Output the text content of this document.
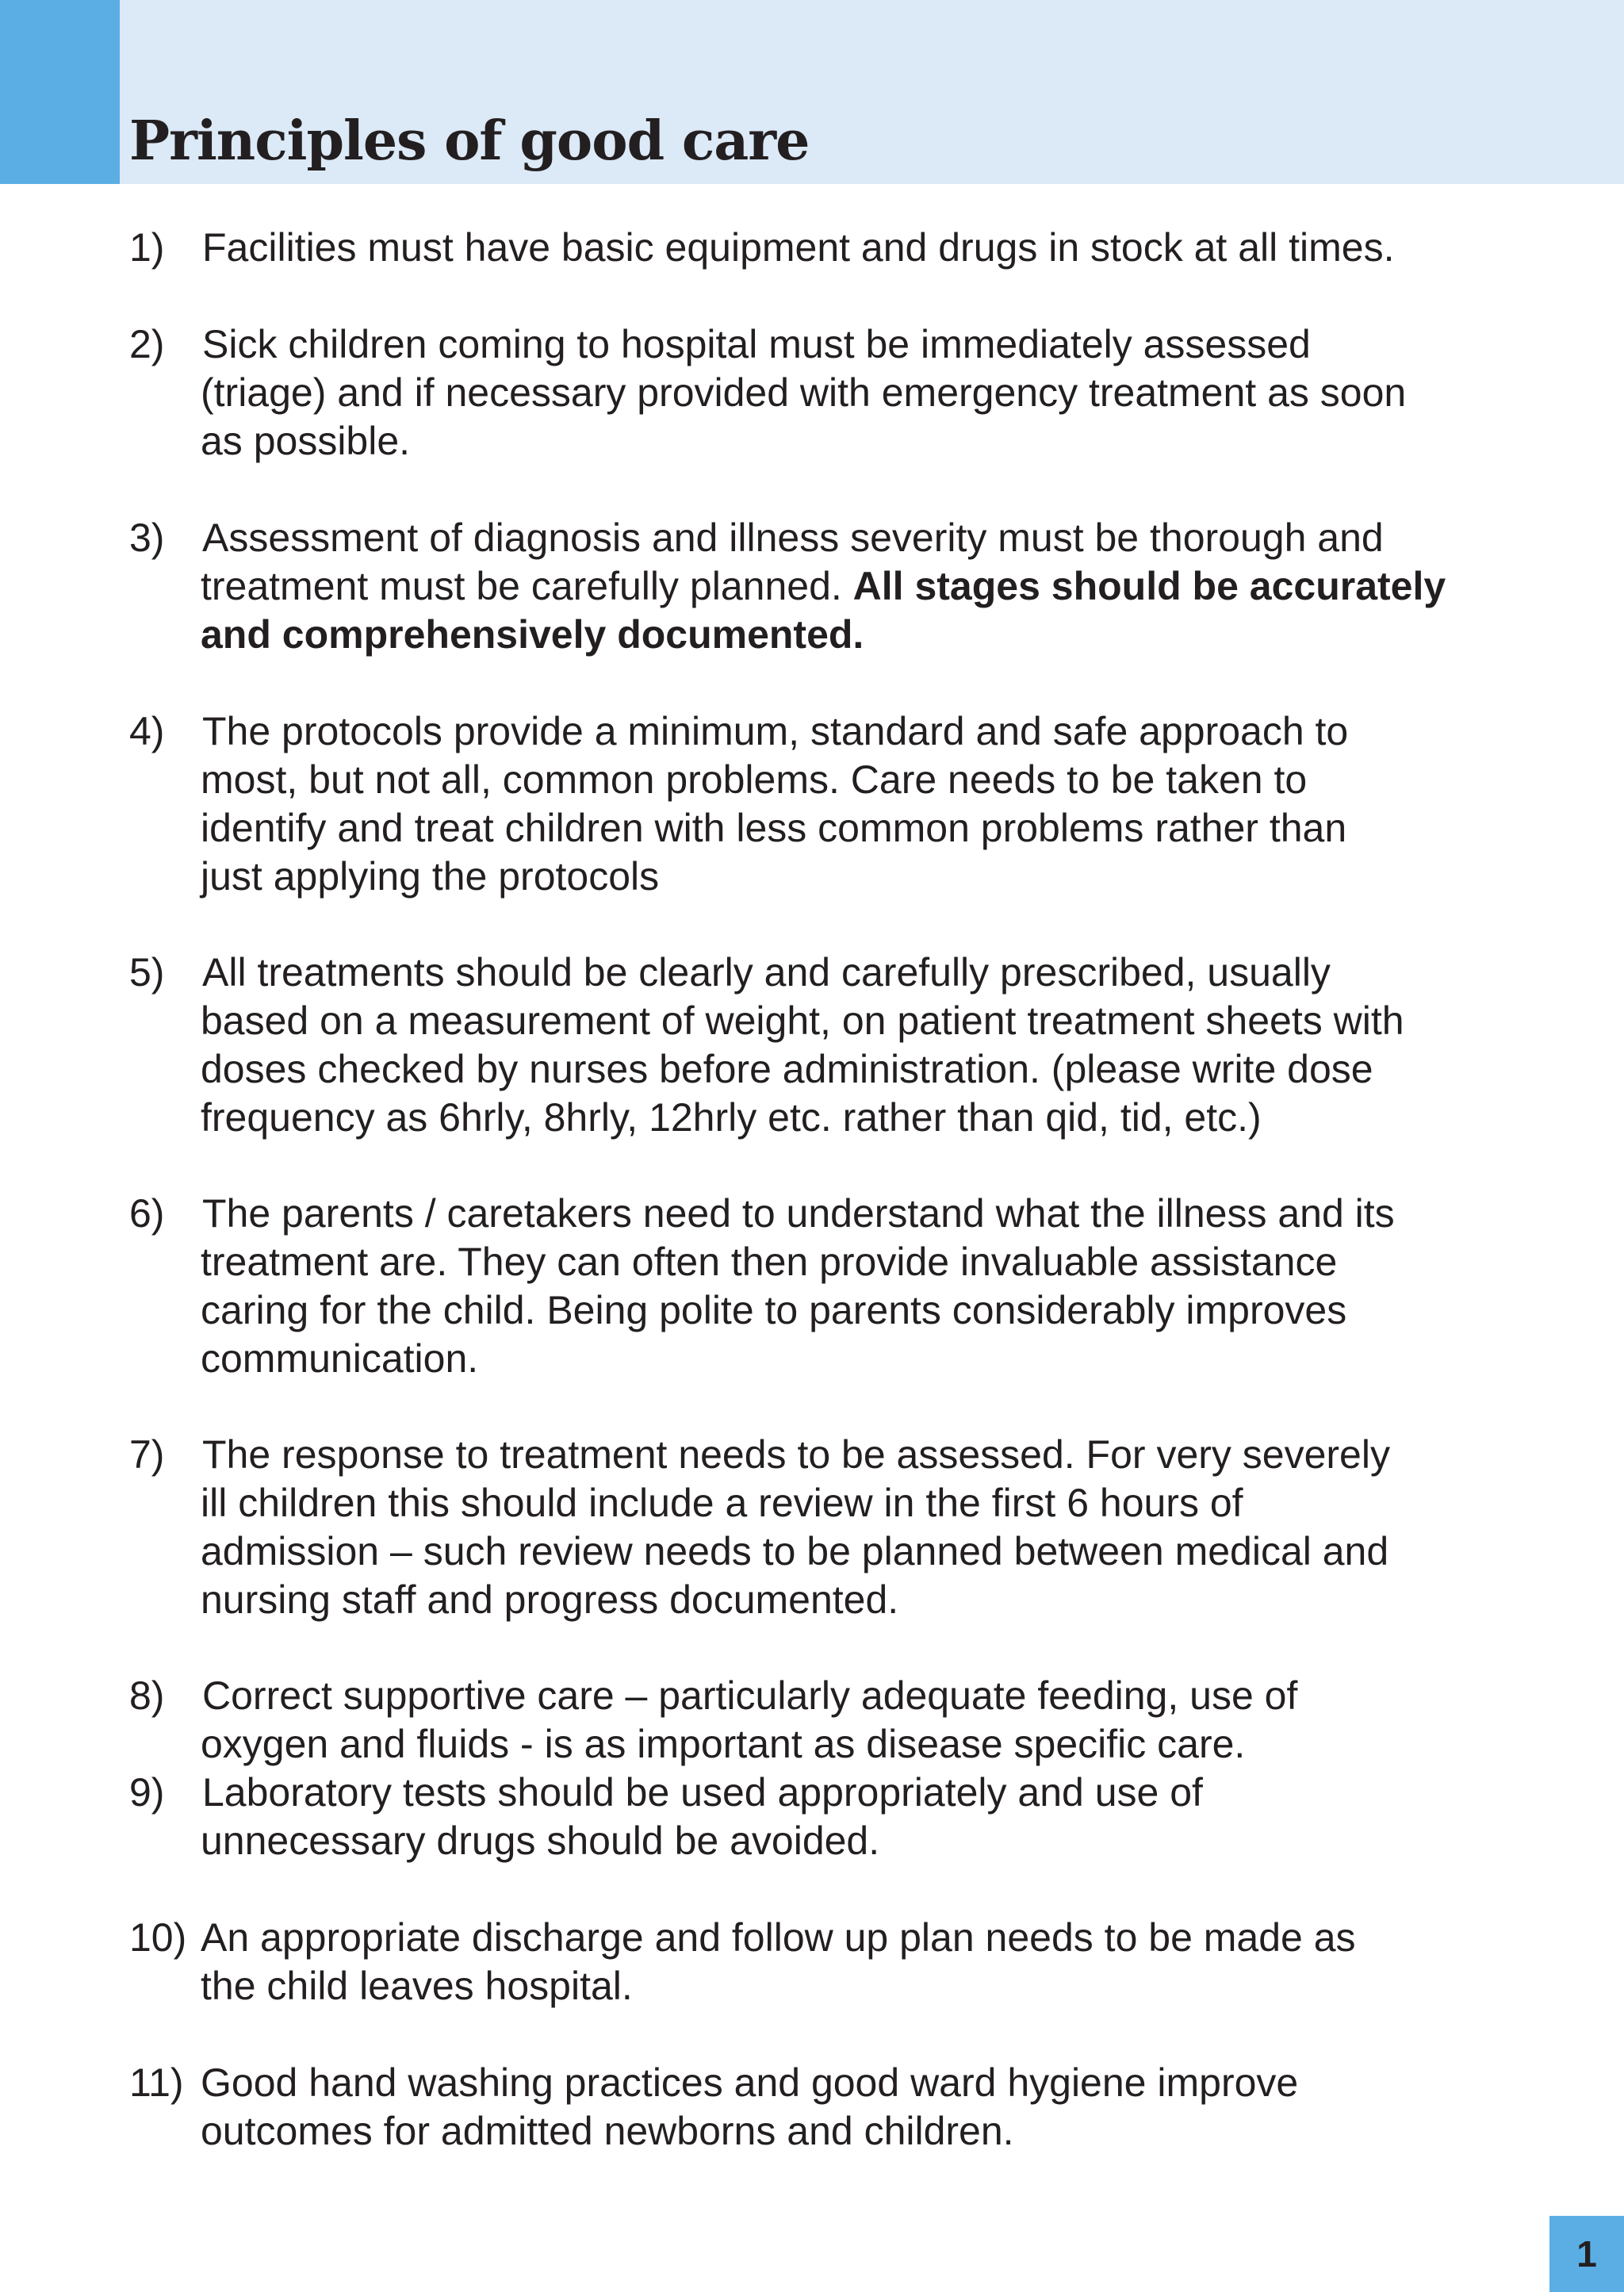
Principles of good care
1) Facilities must have basic equipment and drugs in stock at all times.
2) Sick children coming to hospital must be immediately assessed
(triage) and if necessary provided with emergency treatment as soon
as possible.
3) Assessment of diagnosis and illness severity must be thorough and
treatment must be carefully planned. All stages should be accurately
and comprehensively documented.
4) The protocols provide a minimum, standard and safe approach to
most, but not all, common problems. Care needs to be taken to
identify and treat children with less common problems rather than
just applying the protocols
5) All treatments should be clearly and carefully prescribed, usually
based on a measurement of weight, on patient treatment sheets with
doses checked by nurses before administration. (please write dose
frequency as 6hrly, 8hrly, 12hrly etc. rather than qid, tid, etc.)
6) The parents / caretakers need to understand what the illness and its
treatment are. They can often then provide invaluable assistance
caring for the child. Being polite to parents considerably improves
communication.
7) The response to treatment needs to be assessed. For very severely
ill children this should include a review in the first 6 hours of
admission – such review needs to be planned between medical and
nursing staff and progress documented.
8) Correct supportive care – particularly adequate feeding, use of
oxygen and fluids - is as important as disease specific care.
9) Laboratory tests should be used appropriately and use of
unnecessary drugs should be avoided.
10) An appropriate discharge and follow up plan needs to be made as
the child leaves hospital.
11) Good hand washing practices and good ward hygiene improve
outcomes for admitted newborns and children.
1
